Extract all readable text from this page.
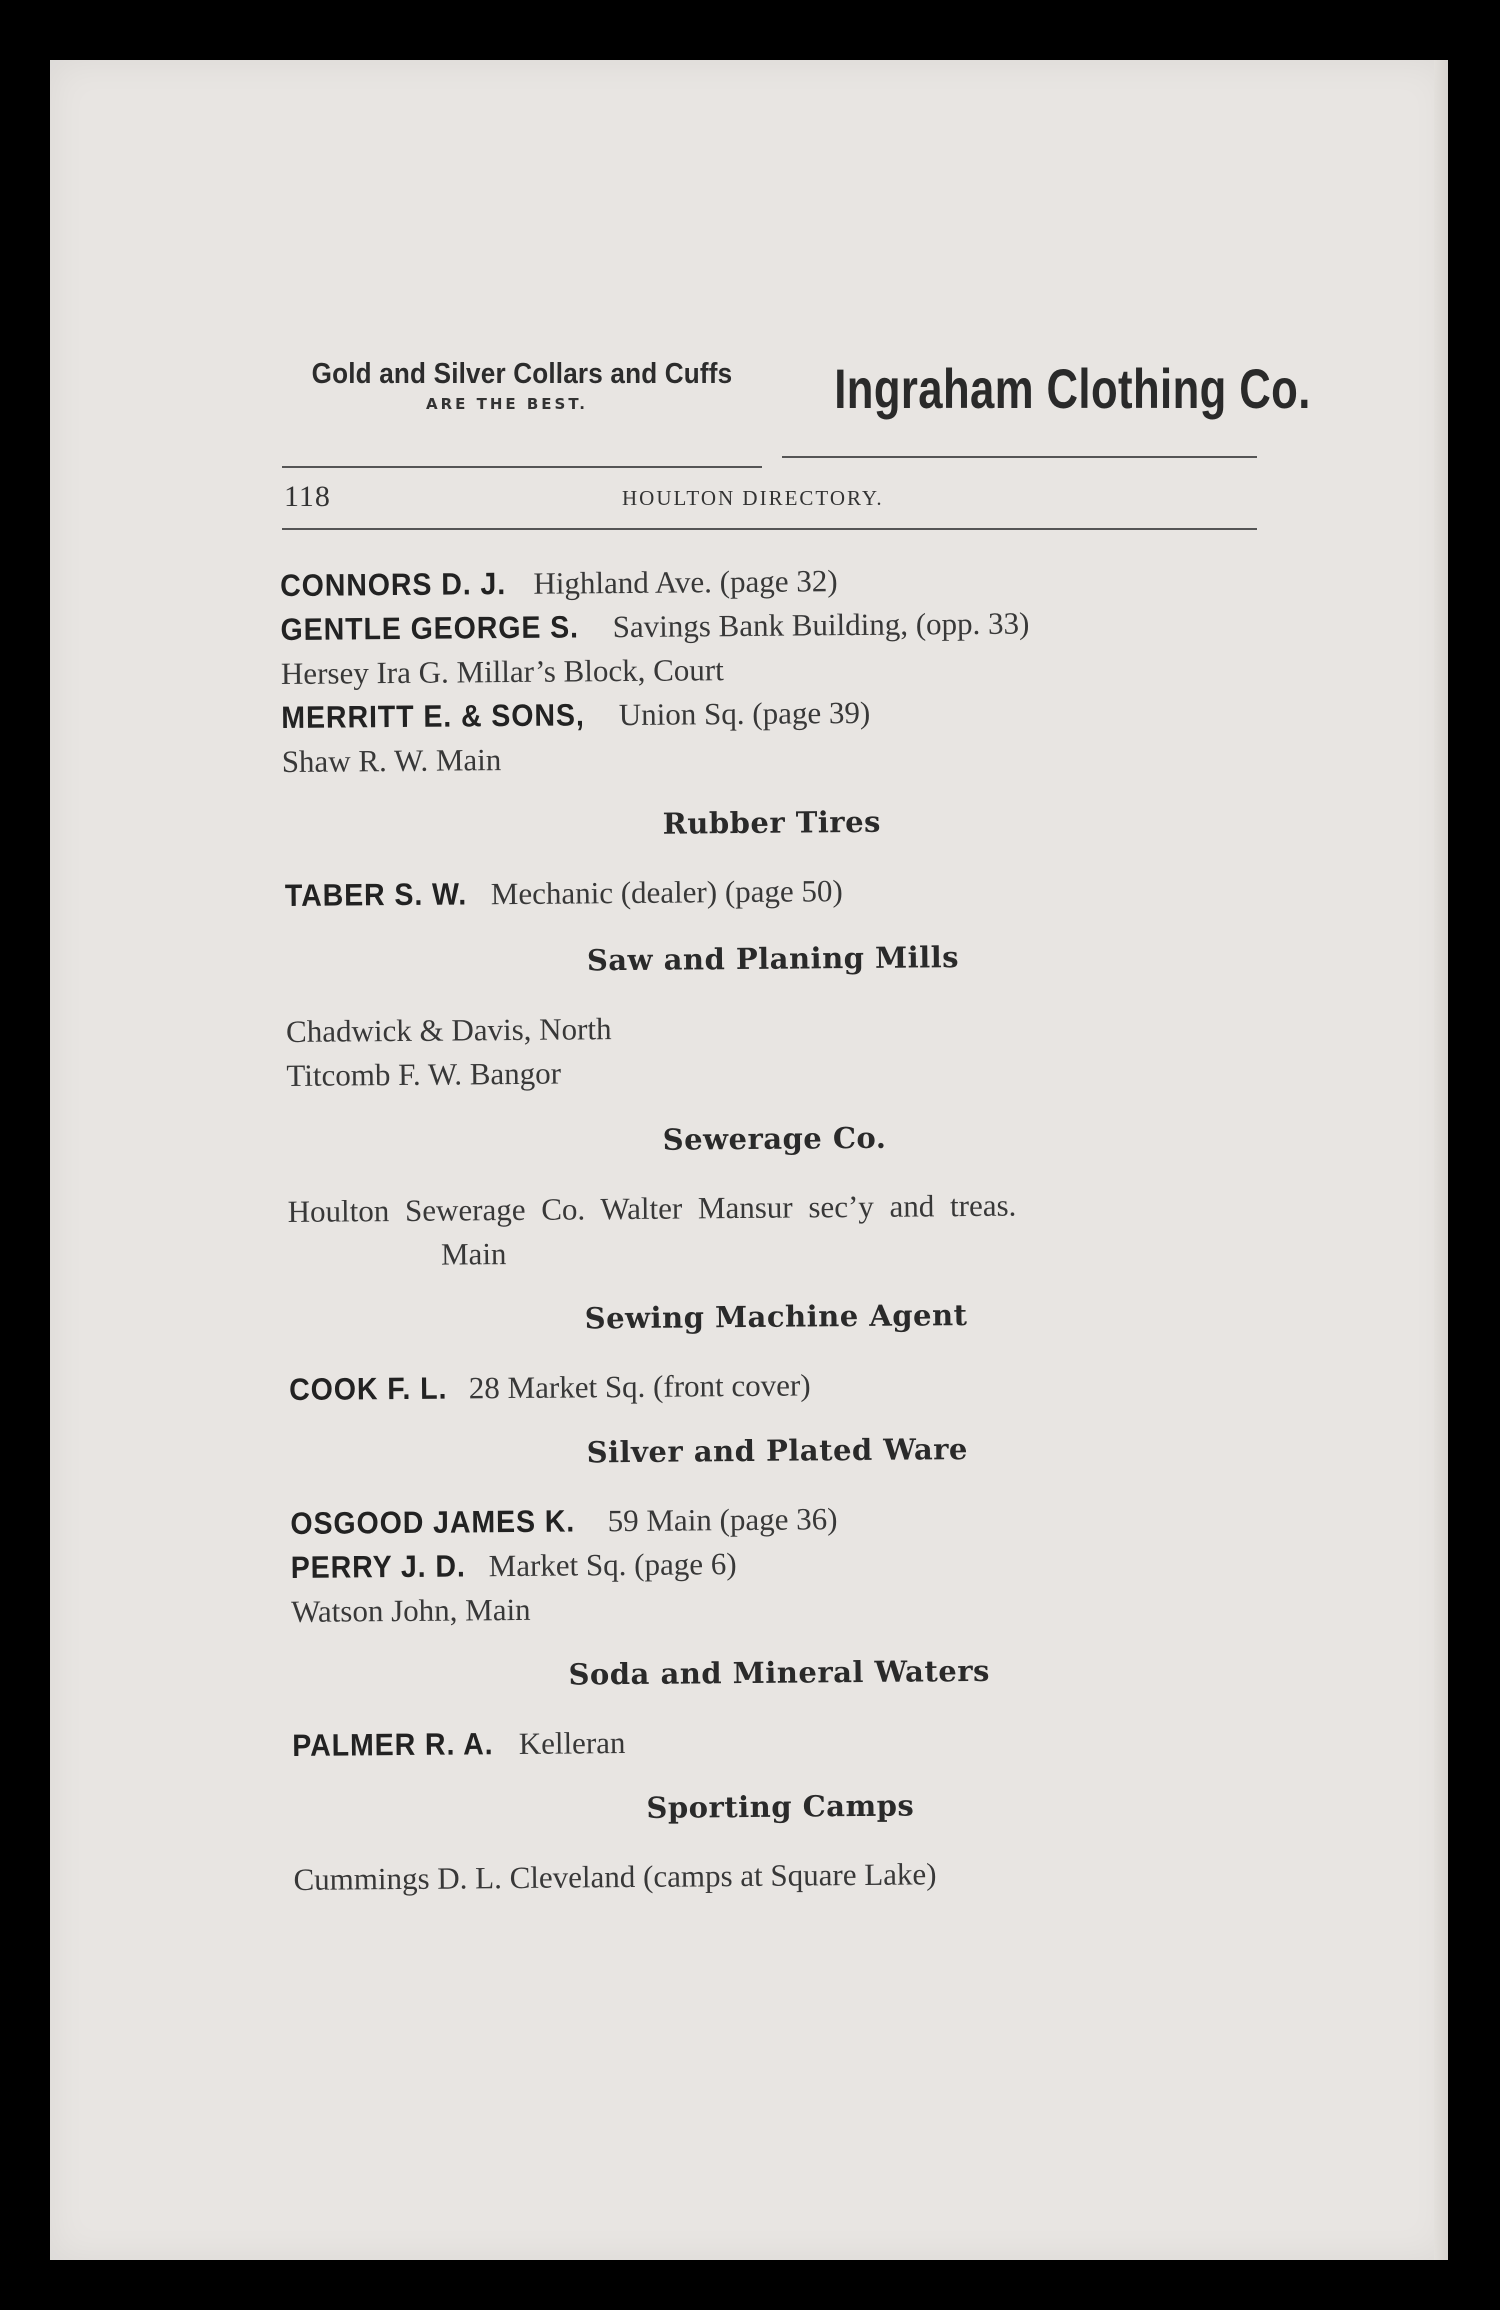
Gold and Silver Collars and Cuffs
ARE THE BEST.	Ingraham Clothing Co.
118	HOULTON DIRECTORY.
CONNORS D. J. Highland Ave. (page 32)
GENTLE GEORGE S. Savings Bank Building, (opp. 33)
Hersey Ira G. Millar’s Block, Court
MERRITT E. & SONS, Union Sq. (page 39)
Shaw R. W. Main
Rubber Tires
TABER S. W. Mechanic (dealer) (page 50)
Saw and Planing Mills
Chadwick & Davis, North
Titcomb F. W. Bangor
Sewerage Co.
Houlton Sewerage Co. Walter Mansur sec’y and treas.
Main
Sewing Machine Agent
COOK F. L. 28 Market Sq. (front cover)
Silver and Plated Ware
OSGOOD JAMES K. 59 Main (page 36)
PERRY J. D. Market Sq. (page 6)
Watson John, Main
Soda and Mineral Waters
PALMER R. A. Kelleran
Sporting Camps
Cummings D. L. Cleveland (camps at Square Lake)
